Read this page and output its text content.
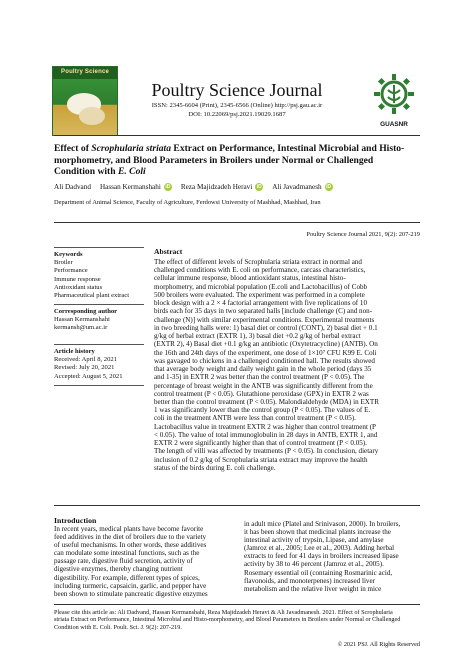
Poultry Science
Poultry Science Journal
ISSN: 2345-6604 (Print), 2345-6566 (Online) http://psj.gau.ac.ir
DOI: 10.22069/psj.2021.19029.1687
GUASNR
Effect of Scrophularia striata Extract on Performance, Intestinal Microbial and Histo-
morphometry, and Blood Parameters in Broilers under Normal or Challenged
Condition with E. Coli
Ali Dadvand Hassan Kermanshahi iD Reza Majidzadeh Heravi iD Ali Javadmanesh iD
Department of Animal Science, Faculty of Agriculture, Ferdowsi University of Mashhad, Mashhad, Iran
Poultry Science Journal 2021, 9(2): 207-219
Keywords
Broiler
Performance
Immune response
Antioxidant status
Pharmaceutical plant extract
Corresponding author
Hassan Kermanshahi
kermansh@um.ac.ir
Article history
Received: April 8, 2021
Revised: July 20, 2021
Accepted: August 5, 2021
Abstract
The effect of different levels of Scrophularia striata extract in normal and
challenged conditions with E. coli on performance, carcass characteristics,
cellular immune response, blood antioxidant status, intestinal histo-
morphometry, and microbial population (E.coli and Lactobacillus) of Cobb
500 broilers were evaluated. The experiment was performed in a complete
block design with a 2 × 4 factorial arrangement with five replications of 10
birds each for 35 days in two separated halls [include challenge (C) and non-
challenge (N)] with similar experimental conditions. Experimental treatments
in two breeding halls were: 1) basal diet or control (CONT), 2) basal diet + 0.1
g/kg of herbal extract (EXTR 1), 3) basal diet +0.2 g/kg of herbal extract
(EXTR 2), 4) Basal diet +0.1 g/kg an antibiotic (Oxytetracycline) (ANTB). On
the 16th and 24th days of the experiment, one dose of 1×10⁷ CFU K99 E. Coli
was gavaged to chickens in a challenged conditioned hall. The results showed
that average body weight and daily weight gain in the whole period (days 35
and 1-35) in EXTR 2 was better than the control treatment (P < 0.05). The
percentage of breast weight in the ANTB was significantly different from the
control treatment (P < 0.05). Glutathione peroxidase (GPX) in EXTR 2 was
better than the control treatment (P < 0.05). Malondialdehyde (MDA) in EXTR
1 was significantly lower than the control group (P < 0.05). The values of E.
coli in the treatment ANTB were less than control treatment (P < 0.05).
Lactobacillus value in treatment EXTR 2 was higher than control treatment (P
< 0.05). The value of total immunoglobulin in 28 days in ANTB, EXTR 1, and
EXTR 2 were significantly higher than that of control treatment (P < 0.05).
The length of villi was affected by treatments (P < 0.05). In conclusion, dietary
inclusion of 0.2 g/kg of Scrophularia striata extract may improve the health
status of the birds during E. coli challenge.
Introduction
In recent years, medical plants have become favorite
feed additives in the diet of broilers due to the variety
of useful mechanisms. In other words, these additives
can modulate some intestinal functions, such as the
passage rate, digestive fluid secretion, activity of
digestive enzymes, thereby changing nutrient
digestibility. For example, different types of spices,
including turmeric, capsaicin, garlic, and pepper have
been shown to stimulate pancreatic digestive enzymes
in adult mice (Platel and Srinivason, 2000). In broilers,
it has been shown that medicinal plants increase the
intestinal activity of trypsin, Lipase, and amylase
(Jamroz et al., 2005; Lee et al., 2003). Adding herbal
extracts to feed for 41 days in broilers increased lipase
activity by 38 to 46 percent (Jamroz et al., 2005).
Rosemary essential oil (containing Rosmarinic acid,
flavonoids, and monoterpenes) increased liver
metabolism and the relative liver weight in mice
Please cite this article as: Ali Dadvand, Hassan Kermanshahi, Reza Majidzadeh Heravi & Ali Javadmanesh. 2021. Effect of Scrophularia
striata Extract on Performance, Intestinal Microbial and Histo-morphometry, and Blood Parameters in Broilers under Normal or Challenged
Condition with E. Coli. Poult. Sci. J. 9(2): 207-219.
© 2021 PSJ. All Rights Reserved
